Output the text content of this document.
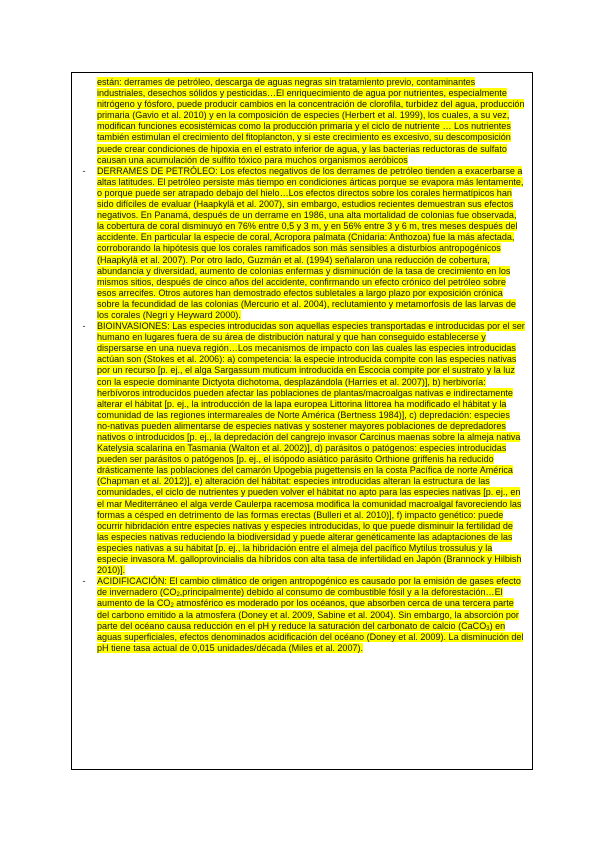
están: derrames de petróleo, descarga de aguas negras sin tratamiento previo, contaminantes industriales, desechos sólidos y pesticidas…El enriquecimiento de agua por nutrientes, especialmente nitrógeno y fósforo, puede producir cambios en la concentración de clorofila, turbidez del agua, producción primaria (Gavio et al. 2010) y en la composición de especies (Herbert et al. 1999), los cuales, a su vez, modifican funciones ecosistémicas como la producción primaria y el ciclo de nutriente … Los nutrientes también estimulan el crecimiento del fitoplancton, y si este crecimiento es excesivo, su descomposición puede crear condiciones de hipoxia en el estrato inferior de agua, y las bacterias reductoras de sulfato causan una acumulación de sulfito tóxico para muchos organismos aeróbicos

-	DERRAMES DE PETRÓLEO: Los efectos negativos de los derrames de petróleo tienden a exacerbarse a altas latitudes. El petróleo persiste más tiempo en condiciones árticas porque se evapora más lentamente, o porque puede ser atrapado debajo del hielo…Los efectos directos sobre los corales hermatípicos han sido difíciles de evaluar (Haapkylä et al. 2007), sin embargo, estudios recientes demuestran sus efectos negativos. En Panamá, después de un derrame en 1986, una alta mortalidad de colonias fue observada, la cobertura de coral disminuyó en 76% entre 0,5 y 3 m, y en 56% entre 3 y 6 m, tres meses después del accidente. En particular la especie de coral, Acropora palmata (Cnidaria: Anthozoa) fue la más afectada, corroborando la hipótesis que los corales ramificados son más sensibles a disturbios antropogénicos (Haapkylä et al. 2007). Por otro lado, Guzmán et al. (1994) señalaron una reducción de cobertura, abundancia y diversidad, aumento de colonias enfermas y disminución de la tasa de crecimiento en los mismos sitios, después de cinco años del accidente, confirmando un efecto crónico del petróleo sobre esos arrecifes. Otros autores han demostrado efectos subletales a largo plazo por exposición crónica sobre la fecundidad de las colonias (Mercurio et al. 2004), reclutamiento y metamorfosis de las larvas de los corales (Negri y Heyward 2000).

-	BIOINVASIONES: Las especies introducidas son aquellas especies transportadas e introducidas por el ser humano en lugares fuera de su área de distribución natural y que han conseguido establecerse y dispersarse en una nueva región…Los mecanismos de impacto con las cuales las especies introducidas actúan son (Stokes et al. 2006): a) competencia: la especie introducida compite con las especies nativas por un recurso [p. ej., el alga Sargassum muticum introducida en Escocia compite por el sustrato y la luz con la especie dominante Dictyota dichotoma, desplazándola (Harries et al. 2007)], b) herbivoría: herbívoros introducidos pueden afectar las poblaciones de plantas/macroalgas nativas e indirectamente alterar el hábitat [p. ej., la introducción de la lapa europea Littorina littorea ha modificado el hábitat y la comunidad de las regiones intermareales de Norte América (Bertness 1984)], c) depredación: especies no-nativas pueden alimentarse de especies nativas y sostener mayores poblaciones de depredadores nativos o introducidos [p. ej., la depredación del cangrejo invasor Carcinus maenas sobre la almeja nativa Katelysia scalarina en Tasmania (Walton et al. 2002)], d) parásitos o patógenos: especies introducidas pueden ser parásitos o patógenos [p. ej., el isópodo asiático parásito Orthione griffenis ha reducido drásticamente las poblaciones del camarón Upogebia pugettensis en la costa Pacífica de norte América (Chapman et al. 2012)], e) alteración del hábitat: especies introducidas alteran la estructura de las comunidades, el ciclo de nutrientes y pueden volver el hábitat no apto para las especies nativas [p. ej., en el mar Mediterráneo el alga verde Caulerpa racemosa modifica la comunidad macroalgal favoreciendo las formas a césped en detrimento de las formas erectas (Bulleri et al. 2010)], f) impacto genético: puede ocurrir hibridación entre especies nativas y especies introducidas, lo que puede disminuir la fertilidad de las especies nativas reduciendo la biodiversidad y puede alterar genéticamente las adaptaciones de las especies nativas a su hábitat [p. ej., la hibridación entre el almeja del pacífico Mytilus trossulus y la especie invasora M. galloprovincialis da híbridos con alta tasa de infertilidad en Japón (Brannock y Hilbish 2010)].

-	ACIDIFICACIÓN: El cambio climático de origen antropogénico es causado por la emisión de gases efecto de invernadero $(CO_2,principalmente)$ debido al consumo de combustible fósil y a la deforestación…El aumento de la $CO_2$ atmosférico es moderado por los océanos, que absorben cerca de una tercera parte del carbono emitido a la atmosfera (Doney et al. 2009, Sabine et al. 2004). Sin embargo, la absorción por parte del océano causa reducción en el pH y reduce la saturación del carbonato de calcio (CaCO$_3$) en aguas superficiales, efectos denominados acidificación del océano (Doney et al. 2009). La disminución del pH tiene tasa actual de 0,015 unidades/década (Miles et al. 2007).
